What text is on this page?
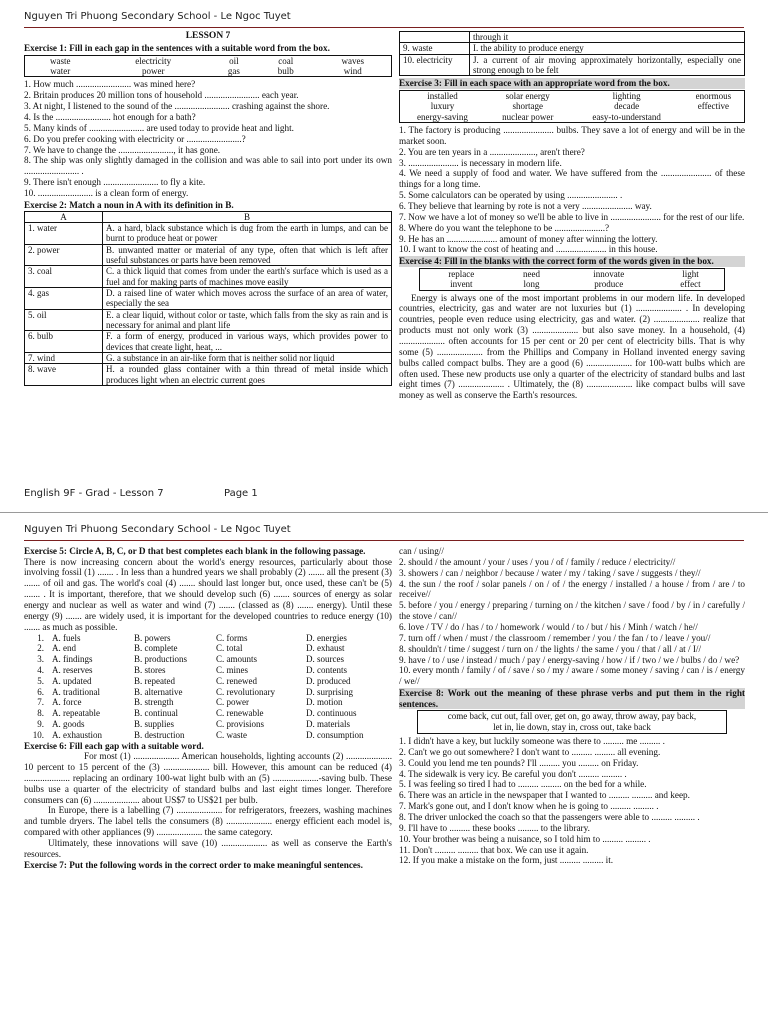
Nguyen Tri Phuong Secondary School - Le Ngoc Tuyet
LESSON 7
Exercise 1: Fill in each gap in the sentences with a suitable word from the box.
waste	electricity	oil	coal	waves
water	power	gas	bulb	wind
1. How much ........................ was mined here?
2. Britain produces 20 million tons of household ........................ each year.
3. At night, I listened to the sound of the ........................ crashing against the shore.
4. Is the ........................ hot enough for a bath?
5. Many kinds of ........................ are used today to provide heat and light.
6. Do you prefer cooking with electricity or ........................?
7. We have to change the ........................, it has gone.
8. The ship was only slightly damaged in the collision and was able to sail into port under its own ........................ .
9. There isn't enough ........................ to fly a kite.
10. ........................ is a clean form of energy.
Exercise 2: Match a noun in A with its definition in B.
A	B
1. water	A. a hard, black substance which is dug from the earth in lumps, and can be burnt to produce heat or power
2. power	B. unwanted matter or material of any type, often that which is left after useful substances or parts have been removed
3. coal	C. a thick liquid that comes from under the earth's surface which is used as a fuel and for making parts of machines move easily
4. gas	D. a raised line of water which moves across the surface of an area of water, especially the sea
5. oil	E. a clear liquid, without color or taste, which falls from the sky as rain and is necessary for animal and plant life
6. bulb	F. a form of energy, produced in various ways, which provides power to devices that create light, heat, ...
7. wind	G. a substance in an air-like form that is neither solid nor liquid
8. wave	H. a rounded glass container with a thin thread of metal inside which produces light when an electric current goes
	through it
9. waste	I. the ability to produce energy
10. electricity	J. a current of air moving approximately horizontally, especially one strong enough to be felt
Exercise 3: Fill in each space with an appropriate word from the box.
installed	solar energy	lighting	enormous
luxury	shortage	decade	effective
energy-saving	nuclear power	easy-to-understand	
1. The factory is producing ...................... bulbs. They save a lot of energy and will be in the market soon.
2. You are ten years in a ...................., aren't there?
3. ...................... is necessary in modern life.
4. We need a supply of food and water. We have suffered from the ...................... of these things for a long time.
5. Some calculators can be operated by using ...................... .
6. They believe that learning by rote is not a very ...................... way.
7. Now we have a lot of money so we'll be able to live in ...................... for the rest of our life.
8. Where do you want the telephone to be ......................?
9. He has an ...................... amount of money after winning the lottery.
10. I want to know the cost of heating and ...................... in this house.
Exercise 4: Fill in the blanks with the correct form of the words given in the box.
replace	need	innovate	light
invent	long	produce	effect
Energy is always one of the most important problems in our modern life. In developed countries, electricity, gas and water are not luxuries but (1) .................... . In developing countries, people even reduce using electricity, gas and water. (2) .................... realize that products must not only work (3) .................... but also save money. In a household, (4) .................... often accounts for 15 per cent or 20 per cent of electricity bills. That is why some (5) .................... from the Phillips and Company in Holland invented energy saving bulbs called compact bulbs. They are a good (6) .................... for 100-watt bulbs which are often used. These new products use only a quarter of the electricity of standard bulbs and last eight times (7) .................... . Ultimately, the (8) .................... like compact bulbs will save money as well as conserve the Earth's resources.
English 9F - Grad - Lesson 7	Page 1
Nguyen Tri Phuong Secondary School - Le Ngoc Tuyet
Exercise 5: Circle A, B, C, or D that best completes each blank in the following passage.
There is now increasing concern about the world's energy resources, particularly about those involving fossil (1) ....... . In less than a hundred years we shall probably (2) ....... all the present (3) ....... of oil and gas. The world's coal (4) ....... should last longer but, once used, these can't be (5) ....... . It is important, therefore, that we should develop such (6) ....... sources of energy as solar energy and nuclear as well as water and wind (7) ....... (classed as (8) ....... energy). Until these energy (9) ....... are widely used, it is important for the developed countries to reduce energy (10) ....... as much as possible.
1.	A. fuels	B. powers	C. forms	D. energies
2.	A. end	B. complete	C. total	D. exhaust
3.	A. findings	B. productions	C. amounts	D. sources
4.	A. reserves	B. stores	C. mines	D. contents
5.	A. updated	B. repeated	C. renewed	D. produced
6.	A. traditional	B. alternative	C. revolutionary	D. surprising
7.	A. force	B. strength	C. power	D. motion
8.	A. repeatable	B. continual	C. renewable	D. continuous
9.	A. goods	B. supplies	C. provisions	D. materials
10.	A. exhaustion	B. destruction	C. waste	D. consumption
Exercise 6: Fill each gap with a suitable word.
For most (1) .................... American households, lighting accounts (2) .................... 10 percent to 15 percent of the (3) .................... bill. However, this amount can be reduced (4) .................... replacing an ordinary 100-wat light bulb with an (5) ....................-saving bulb. These bulbs use a quarter of the electricity of standard bulbs and last eight times longer. Therefore consumers can (6) .................... about US$7 to US$21 per bulb.
In Europe, there is a labelling (7) .................... for refrigerators, freezers, washing machines and tumble dryers. The label tells the consumers (8) .................... energy efficient each model is, compared with other appliances (9) .................... the same category.
Ultimately, these innovations will save (10) .................... as well as conserve the Earth's resources.
Exercise 7: Put the following words in the correct order to make meaningful sentences.
can / using//
2. should / the amount / your / uses / you / of / family / reduce / electricity//
3. showers / can / neighbor / because / water / my / taking / save / suggests / they//
4. the sun / the roof / solar panels / on / of / the energy / installed / a house / from / are / to receive//
5. before / you / energy / preparing / turning on / the kitchen / save / food / by / in / carefully / the stove / can//
6. love / TV / do / has / to / homework / would / to / but / his / Minh / watch / he//
7. turn off / when / must / the classroom / remember / you / the fan / to / leave / you//
8. shouldn't / time / suggest / turn on / the lights / the same / you / that / all / at / I//
9. have / to / use / instead / much / pay / energy-saving / how / if / two / we / bulbs / do / we?
10. every month / family / of / save / so / my / aware / some money / saving / can / is / energy / we//
Exercise 8: Work out the meaning of these phrase verbs and put them in the right sentences.
come back, cut out, fall over, get on, go away, throw away, pay back,
let in, lie down, stay in, cross out, take back
1. I didn't have a key, but luckily someone was there to ......... me ......... .
2. Can't we go out somewhere? I don't want to ......... ......... all evening.
3. Could you lend me ten pounds? I'll ......... you ......... on Friday.
4. The sidewalk is very icy. Be careful you don't ......... ......... .
5. I was feeling so tired I had to ......... ......... on the bed for a while.
6. There was an article in the newspaper that I wanted to ......... ......... and keep.
7. Mark's gone out, and I don't know when he is going to ......... ......... .
8. The driver unlocked the coach so that the passengers were able to ......... ......... .
9. I'll have to ......... these books ......... to the library.
10. Your brother was being a nuisance, so I told him to ......... ......... .
11. Don't ......... ......... that box. We can use it again.
12. If you make a mistake on the form, just ......... ......... it.
